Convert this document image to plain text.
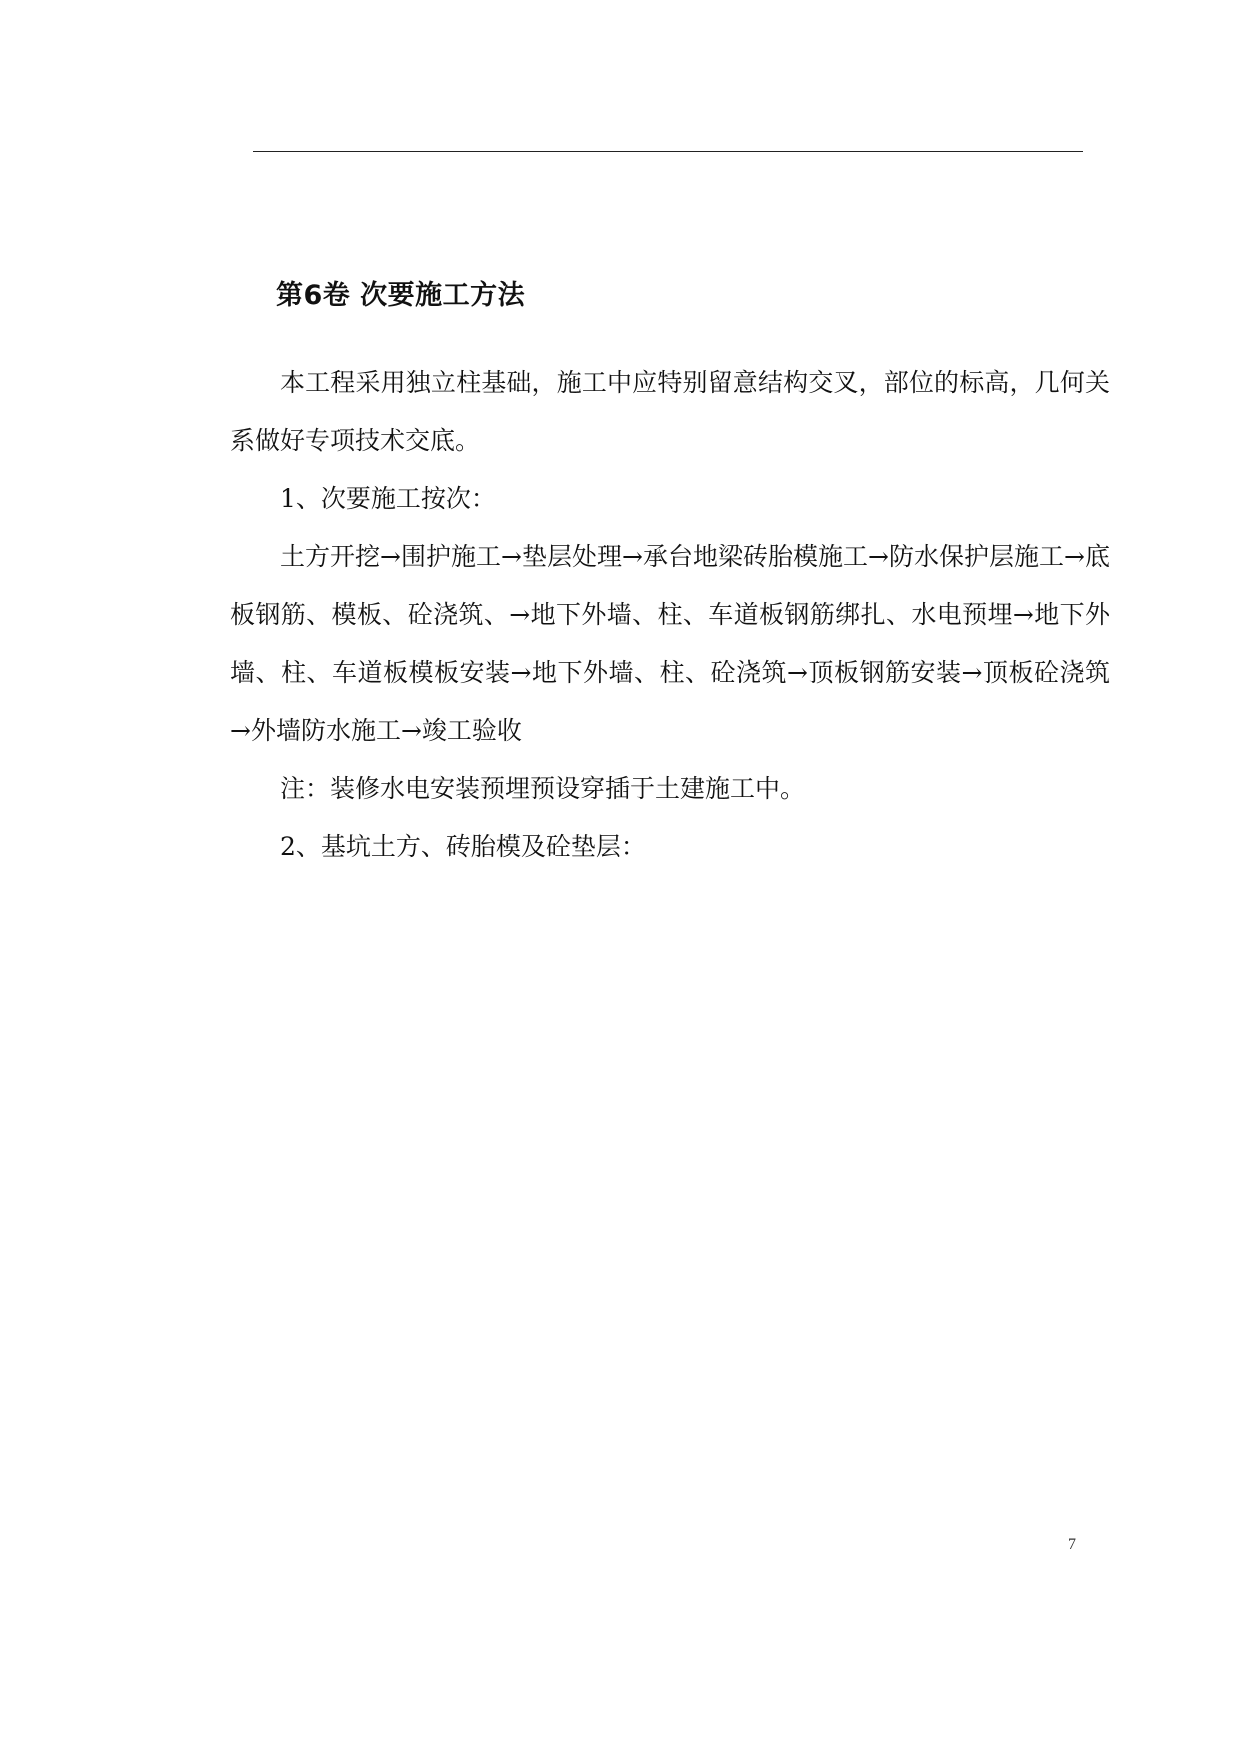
第6卷 次要施工方法

本工程采用独立柱基础，施工中应特别留意结构交叉，部位的标高，几何关系做好专项技术交底。

1、次要施工按次：

土方开挖→围护施工→垫层处理→承台地梁砖胎模施工→防水保护层施工→底板钢筋、模板、砼浇筑、→地下外墙、柱、车道板钢筋绑扎、水电预埋→地下外墙、柱、车道板模板安装→地下外墙、柱、砼浇筑→顶板钢筋安装→顶板砼浇筑→外墙防水施工→竣工验收

注：装修水电安装预埋预设穿插于土建施工中。

2、基坑土方、砖胎模及砼垫层：

7
